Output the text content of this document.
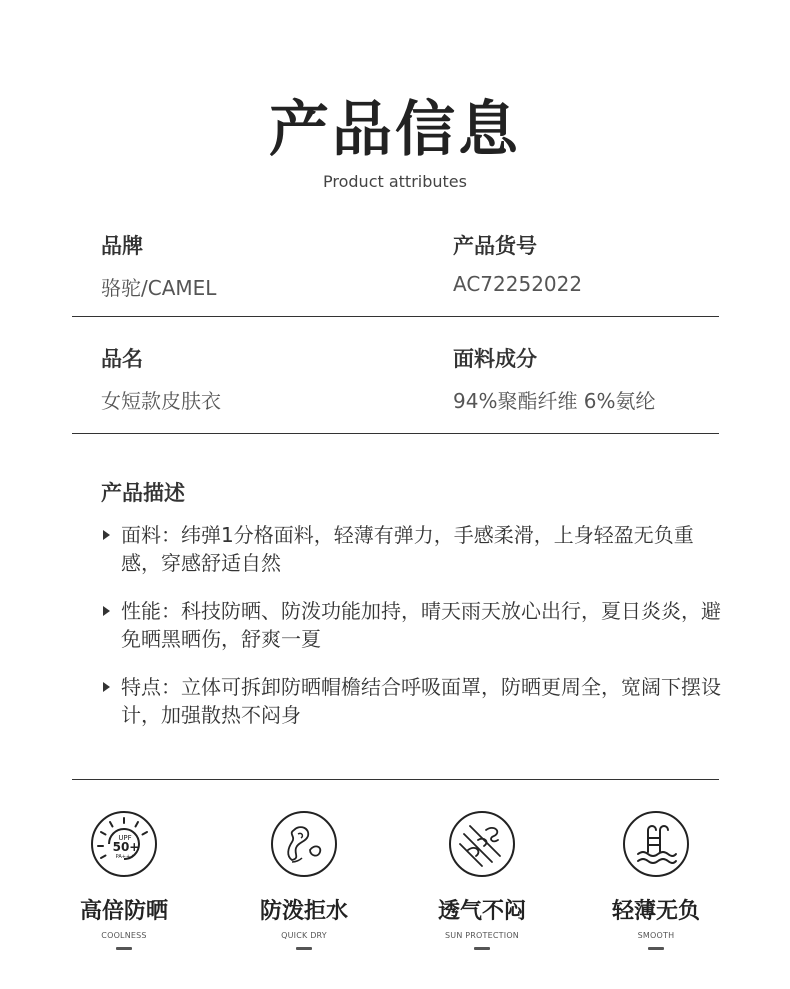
产品信息
Product attributes
品牌
骆驼/CAMEL
产品货号
AC72252022
品名
女短款皮肤衣
面料成分
94%聚酯纤维 6%氨纶
产品描述
面料：纬弹1分格面料，轻薄有弹力，手感柔滑，上身轻盈无负重感，穿感舒适自然
性能：科技防晒、防泼功能加持，晴天雨天放心出行，夏日炎炎，避免晒黑晒伤，舒爽一夏
特点：立体可拆卸防晒帽檐结合呼吸面罩，防晒更周全，宽阔下摆设计，加强散热不闷身
UPF
50+
PA+++
高倍防晒
COOLNESS
防泼拒水
QUICK DRY
透气不闷
SUN PROTECTION
轻薄无负
SMOOTH
